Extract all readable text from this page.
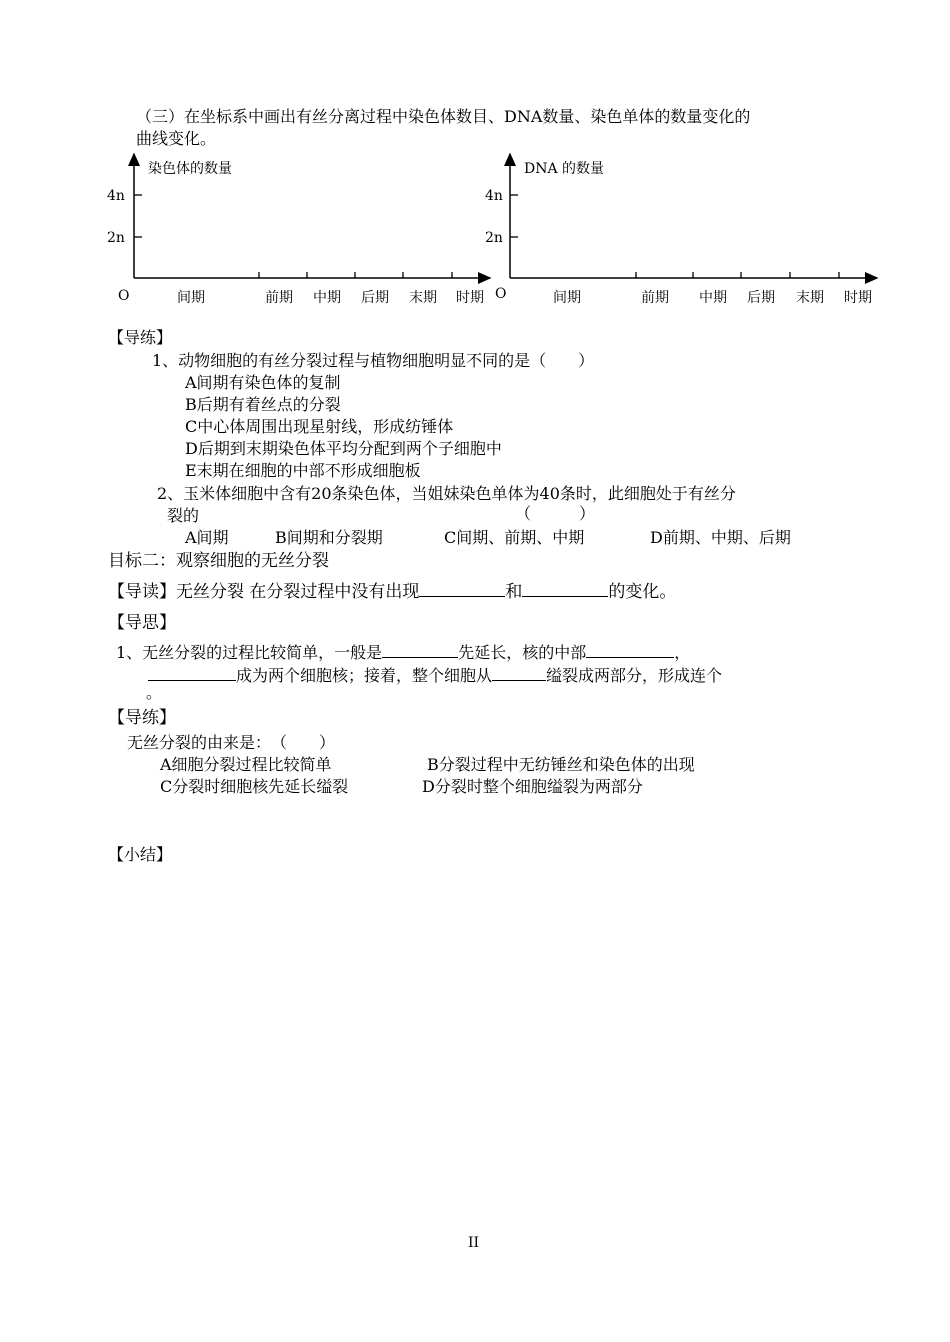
（三）在坐标系中画出有丝分离过程中染色体数目、DNA数量、染色单体的数量变化的
曲线变化。
染色体的数量
4n
2n
O	间期	前期 中期 后期 末期 时期
DNA 的数量
4n
2n
O	间期	前期 中期 后期 末期 时期
【导练】
1、动物细胞的有丝分裂过程与植物细胞明显不同的是（　　）
A间期有染色体的复制
B后期有着丝点的分裂
C中心体周围出现星射线，形成纺锤体
D后期到末期染色体平均分配到两个子细胞中
E末期在细胞的中部不形成细胞板
2、玉米体细胞中含有20条染色体，当姐妹染色单体为40条时，此细胞处于有丝分
裂的	（　　　）
A间期	B间期和分裂期	C间期、前期、中期	D前期、中期、后期
目标二：观察细胞的无丝分裂
【导读】无丝分裂 在分裂过程中没有出现	和	的变化。
【导思】
1、无丝分裂的过程比较简单，一般是	先延长，核的中部	，
成为两个细胞核；接着，整个细胞从	缢裂成两部分，形成连个
。
【导练】
无丝分裂的由来是：　（　　）
A细胞分裂过程比较简单	B分裂过程中无纺锤丝和染色体的出现
C分裂时细胞核先延长缢裂	D分裂时整个细胞缢裂为两部分
【小结】
II
